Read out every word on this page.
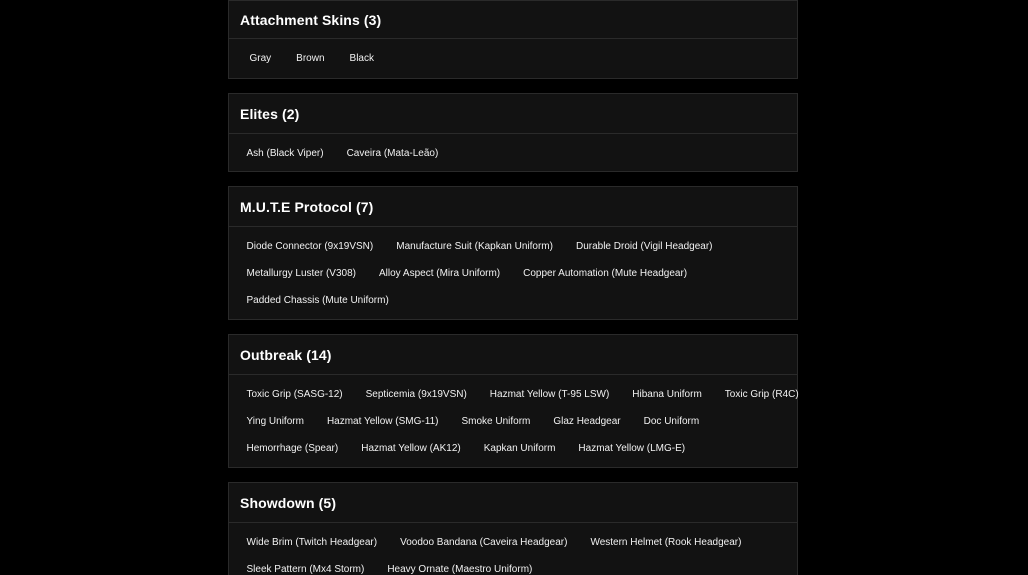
Attachment Skins (3)
Gray	Brown	Black
Elites (2)
Ash (Black Viper)	Caveira (Mata-Leão)
M.U.T.E Protocol (7)
Diode Connector (9x19VSN)	Manufacture Suit (Kapkan Uniform)	Durable Droid (Vigil Headgear)
Metallurgy Luster (V308)	Alloy Aspect (Mira Uniform)	Copper Automation (Mute Headgear)
Padded Chassis (Mute Uniform)
Outbreak (14)
Toxic Grip (SASG-12)	Septicemia (9x19VSN)	Hazmat Yellow (T-95 LSW)	Hibana Uniform	Toxic Grip (R4C)
Ying Uniform	Hazmat Yellow (SMG-11)	Smoke Uniform	Glaz Headgear	Doc Uniform
Hemorrhage (Spear)	Hazmat Yellow (AK12)	Kapkan Uniform	Hazmat Yellow (LMG-E)
Showdown (5)
Wide Brim (Twitch Headgear)	Voodoo Bandana (Caveira Headgear)	Western Helmet (Rook Headgear)
Sleek Pattern (Mx4 Storm)	Heavy Ornate (Maestro Uniform)
